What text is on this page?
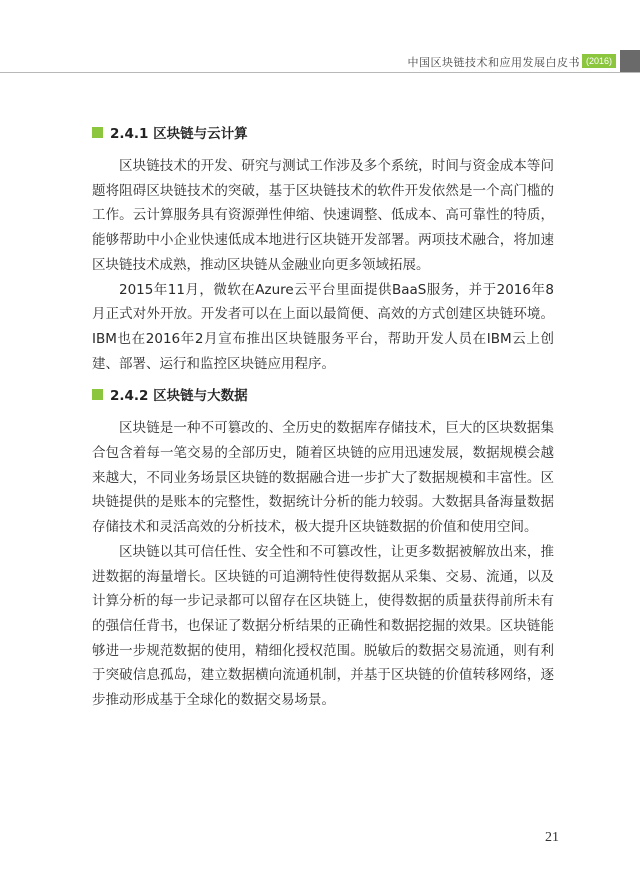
中国区块链技术和应用发展白皮书 (2016)
2.4.1 区块链与云计算

区块链技术的开发、研究与测试工作涉及多个系统，时间与资金成本等问题将阻碍区块链技术的突破，基于区块链技术的软件开发依然是一个高门槛的工作。云计算服务具有资源弹性伸缩、快速调整、低成本、高可靠性的特质，能够帮助中小企业快速低成本地进行区块链开发部署。两项技术融合，将加速区块链技术成熟，推动区块链从金融业向更多领域拓展。

2015年11月，微软在Azure云平台里面提供BaaS服务，并于2016年8月正式对外开放。开发者可以在上面以最简便、高效的方式创建区块链环境。IBM也在2016年2月宣布推出区块链服务平台，帮助开发人员在IBM云上创建、部署、运行和监控区块链应用程序。

2.4.2 区块链与大数据

区块链是一种不可篡改的、全历史的数据库存储技术，巨大的区块数据集合包含着每一笔交易的全部历史，随着区块链的应用迅速发展，数据规模会越来越大，不同业务场景区块链的数据融合进一步扩大了数据规模和丰富性。区块链提供的是账本的完整性，数据统计分析的能力较弱。大数据具备海量数据存储技术和灵活高效的分析技术，极大提升区块链数据的价值和使用空间。

区块链以其可信任性、安全性和不可篡改性，让更多数据被解放出来，推进数据的海量增长。区块链的可追溯特性使得数据从采集、交易、流通，以及计算分析的每一步记录都可以留存在区块链上，使得数据的质量获得前所未有的强信任背书，也保证了数据分析结果的正确性和数据挖掘的效果。区块链能够进一步规范数据的使用，精细化授权范围。脱敏后的数据交易流通，则有利于突破信息孤岛，建立数据横向流通机制，并基于区块链的价值转移网络，逐步推动形成基于全球化的数据交易场景。

21
